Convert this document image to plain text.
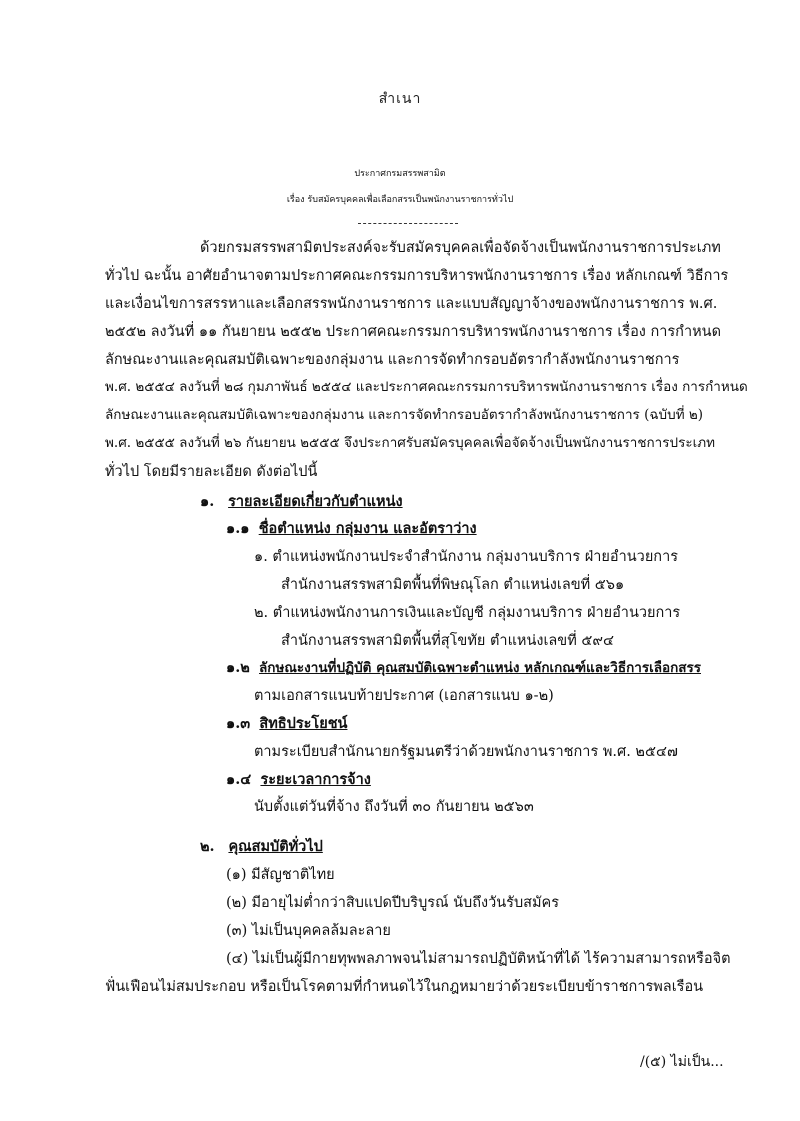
สำเนา
ประกาศกรมสรรพสามิต
เรื่อง รับสมัครบุคคลเพื่อเลือกสรรเป็นพนักงานราชการทั่วไป
ด้วยกรมสรรพสามิตประสงค์จะรับสมัครบุคคลเพื่อจัดจ้างเป็นพนักงานราชการประเภท
ทั่วไป ฉะนั้น อาศัยอำนาจตามประกาศคณะกรรมการบริหารพนักงานราชการ เรื่อง หลักเกณฑ์ วิธีการ
และเงื่อนไขการสรรหาและเลือกสรรพนักงานราชการ และแบบสัญญาจ้างของพนักงานราชการ พ.ศ.
๒๕๕๒ ลงวันที่ ๑๑ กันยายน ๒๕๕๒ ประกาศคณะกรรมการบริหารพนักงานราชการ เรื่อง การกำหนด
ลักษณะงานและคุณสมบัติเฉพาะของกลุ่มงาน และการจัดทำกรอบอัตรากำลังพนักงานราชการ
พ.ศ. ๒๕๕๔ ลงวันที่ ๒๘ กุมภาพันธ์ ๒๕๕๔ และประกาศคณะกรรมการบริหารพนักงานราชการ เรื่อง การกำหนด
ลักษณะงานและคุณสมบัติเฉพาะของกลุ่มงาน และการจัดทำกรอบอัตรากำลังพนักงานราชการ (ฉบับที่ ๒)
พ.ศ. ๒๕๕๕ ลงวันที่ ๒๖ กันยายน ๒๕๕๕ จึงประกาศรับสมัครบุคคลเพื่อจัดจ้างเป็นพนักงานราชการประเภท
ทั่วไป โดยมีรายละเอียด ดังต่อไปนี้
๑. รายละเอียดเกี่ยวกับตำแหน่ง
๑.๑ ชื่อตำแหน่ง กลุ่มงาน และอัตราว่าง
๑. ตำแหน่งพนักงานประจำสำนักงาน กลุ่มงานบริการ ฝ่ายอำนวยการ
สำนักงานสรรพสามิตพื้นที่พิษณุโลก ตำแหน่งเลขที่ ๕๖๑
๒. ตำแหน่งพนักงานการเงินและบัญชี กลุ่มงานบริการ ฝ่ายอำนวยการ
สำนักงานสรรพสามิตพื้นที่สุโขทัย ตำแหน่งเลขที่ ๕๙๔
๑.๒ ลักษณะงานที่ปฏิบัติ คุณสมบัติเฉพาะตำแหน่ง หลักเกณฑ์และวิธีการเลือกสรร
ตามเอกสารแนบท้ายประกาศ (เอกสารแนบ ๑-๒)
๑.๓ สิทธิประโยชน์
ตามระเบียบสำนักนายกรัฐมนตรีว่าด้วยพนักงานราชการ พ.ศ. ๒๕๔๗
๑.๔ ระยะเวลาการจ้าง
นับตั้งแต่วันที่จ้าง ถึงวันที่ ๓๐ กันยายน ๒๕๖๓
๒. คุณสมบัติทั่วไป
(๑) มีสัญชาติไทย
(๒) มีอายุไม่ต่ำกว่าสิบแปดปีบริบูรณ์ นับถึงวันรับสมัคร
(๓) ไม่เป็นบุคคลล้มละลาย
(๔) ไม่เป็นผู้มีกายทุพพลภาพจนไม่สามารถปฏิบัติหน้าที่ได้ ไร้ความสามารถหรือจิต
ฟั่นเฟือนไม่สมประกอบ หรือเป็นโรคตามที่กำหนดไว้ในกฎหมายว่าด้วยระเบียบข้าราชการพลเรือน
/(๕) ไม่เป็น...
